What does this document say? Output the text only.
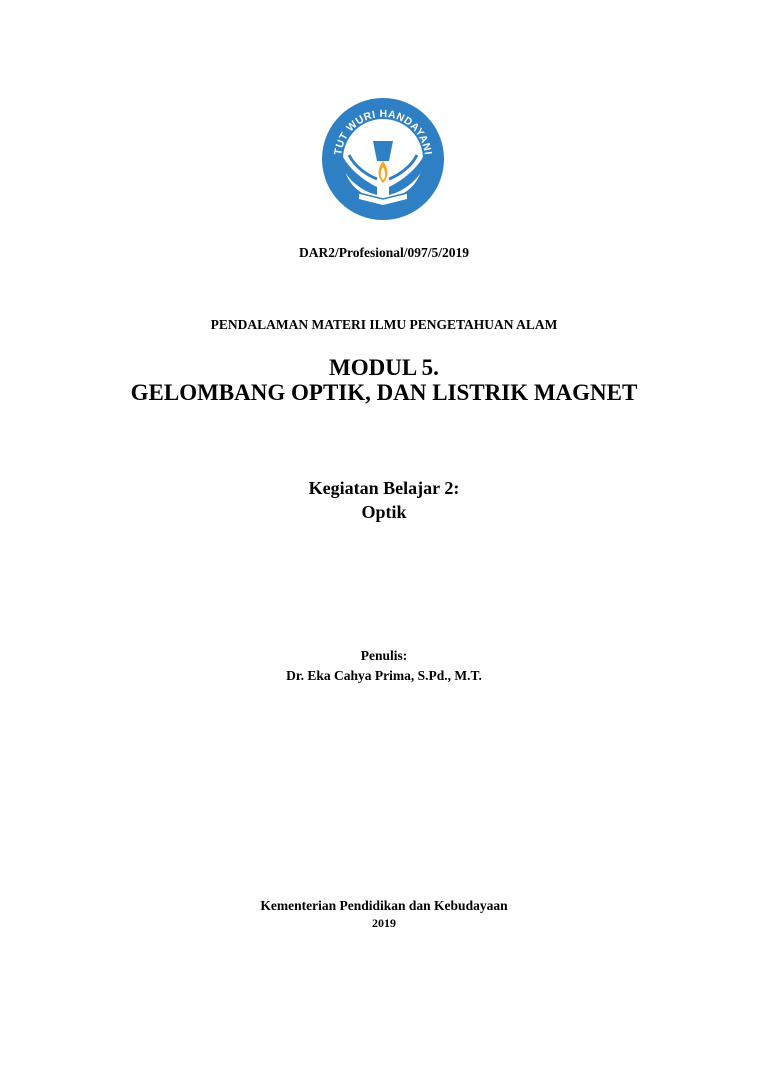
TUT WURI HANDAYANI
DAR2/Profesional/097/5/2019
PENDALAMAN MATERI ILMU PENGETAHUAN ALAM
MODUL 5.
GELOMBANG OPTIK, DAN LISTRIK MAGNET
Kegiatan Belajar 2:
Optik
Penulis:
Dr. Eka Cahya Prima, S.Pd., M.T.
Kementerian Pendidikan dan Kebudayaan
2019
